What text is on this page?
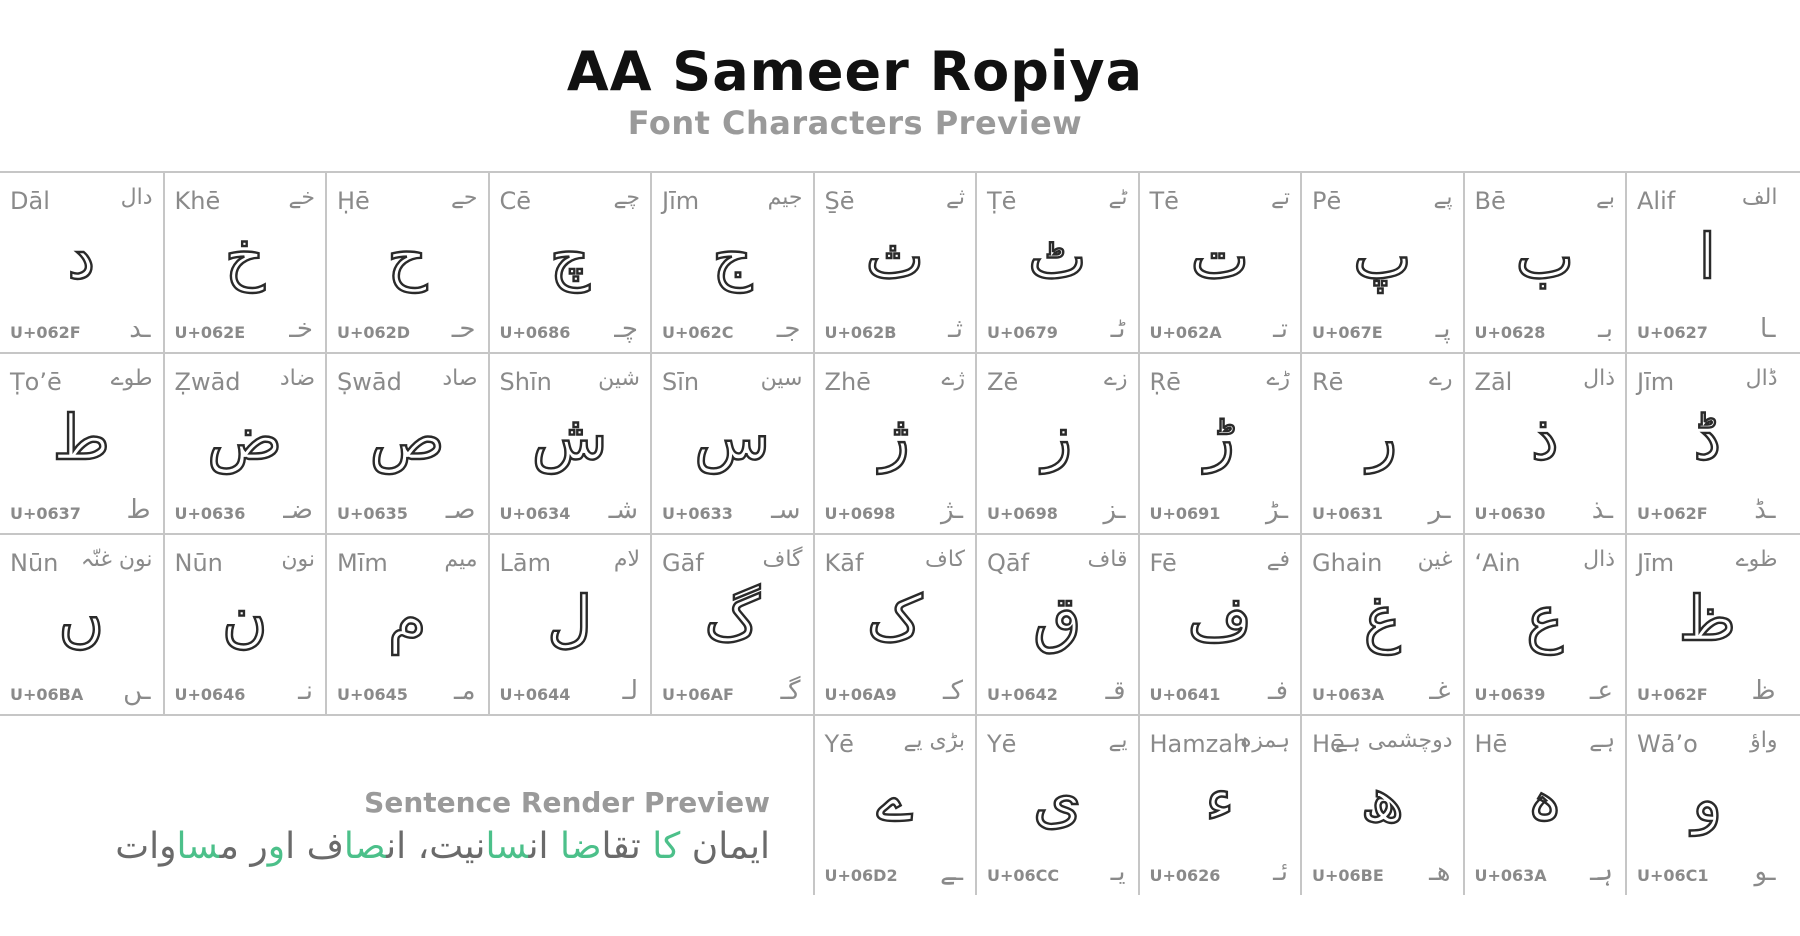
AA Sameer Ropiya
Font Characters Preview
Dāl	دال
د
U+062F ـد
Khē	خے
خ
U+062E خـ
Ḥē	حے
ح
U+062D حـ
Cē	چے
چ
U+0686 چـ
Jīm	جیم
ج
U+062C جـ
S̱ē	ثے
ث
U+062B ثـ
Ṭē	ٹے
ٹ
U+0679 ٹـ
Tē	تے
ت
U+062A تـ
Pē	پے
پ
U+067E پـ
Bē	بے
ب
U+0628 بـ
Alif	الف
ا
U+0627 ـا
Ṭo’ē طوے
ط
U+0637 ط
Ẓwād ضاد
ض
U+0636 ضـ
Ṣwād صاد
ص
U+0635 صـ
Shīn شین
ش
U+0634 شـ
Sīn	سین
س
U+0633 سـ
Zhē	ژے
ژ
U+0698 ـژ
Zē	زے
ز
U+0698 ـز
Ṛē	ڑے
ڑ
U+0691 ـڑ
Rē	رے
ر
U+0631 ـر
Zāl	ذال
ذ
U+0630 ـذ
Jīm	ڈال
ڈ
U+062F ـڈ
Nūn نون غنّہ
ں
U+06BA ـں
Nūn	نون
ن
U+0646 نـ
Mīm	میم
م
U+0645 مـ
Lām	لام
ل
U+0644 لـ
Gāf	گاف
گ
U+06AF گـ
Kāf	کاف
ک
U+06A9 کـ
Qāf	قاف
ق
U+0642 قـ
Fē	فے
ف
U+0641 فـ
Ghain غین
غ
U+063A غـ
‘Ain	ذال
ع
U+0639 عـ
Jīm	ظوے
ظ
U+062F ظ
Yē بڑی یے
ے
U+06D2 ـے
Yē	یے
ی
U+06CC یـ
Hamzah
ہمزہ
ء
U+0626 ئـ
Hē
دوچشمی ہے
ھ
U+06BE ھـ
Hē	ہے
ہ
U+063A ہـ
Wā’o واؤ
و
U+06C1 ـو
Sentence Render Preview
ایمان کا تقاضا انسانیت، انصاف اور مساوات
